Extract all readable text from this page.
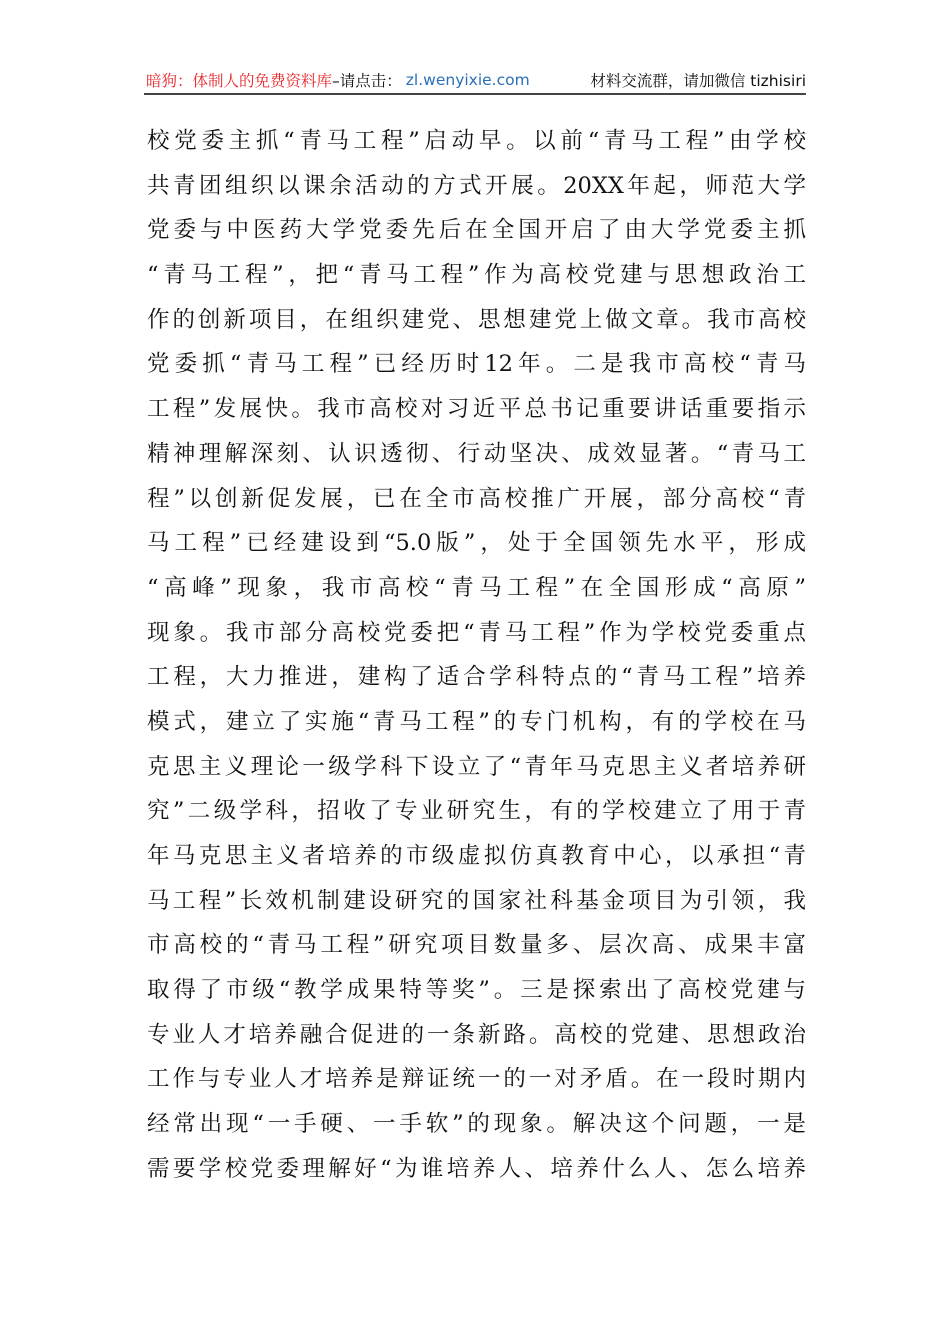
暗狗：体制人的免费资料库 –请点击： zl.wenyixie.com	材料交流群，请加微信 tizhisiri
校党委主抓“青马工程”启动早。以前“青马工程”由学校
共青团组织以课余活动的方式开展。20XX年起，师范大学
党委与中医药大学党委先后在全国开启了由大学党委主抓
“青马工程”，把“青马工程”作为高校党建与思想政治工
作的创新项目，在组织建党、思想建党上做文章。我市高校
党委抓“青马工程”已经历时12年。二是我市高校“青马
工程”发展快。我市高校对习近平总书记重要讲话重要指示
精神理解深刻、认识透彻、行动坚决、成效显著。“青马工
程”以创新促发展，已在全市高校推广开展，部分高校“青
马工程”已经建设到“5.0版”，处于全国领先水平，形成
“高峰”现象，我市高校“青马工程”在全国形成“高原”
现象。我市部分高校党委把“青马工程”作为学校党委重点
工程，大力推进，建构了适合学科特点的“青马工程”培养
模式，建立了实施“青马工程”的专门机构，有的学校在马
克思主义理论一级学科下设立了“青年马克思主义者培养研
究”二级学科，招收了专业研究生，有的学校建立了用于青
年马克思主义者培养的市级虚拟仿真教育中心，以承担“青
马工程”长效机制建设研究的国家社科基金项目为引领，我
市高校的“青马工程”研究项目数量多、层次高、成果丰富
取得了市级“教学成果特等奖”。三是探索出了高校党建与
专业人才培养融合促进的一条新路。高校的党建、思想政治
工作与专业人才培养是辩证统一的一对矛盾。在一段时期内
经常出现“一手硬、一手软”的现象。解决这个问题，一是
需要学校党委理解好“为谁培养人、培养什么人、怎么培养
